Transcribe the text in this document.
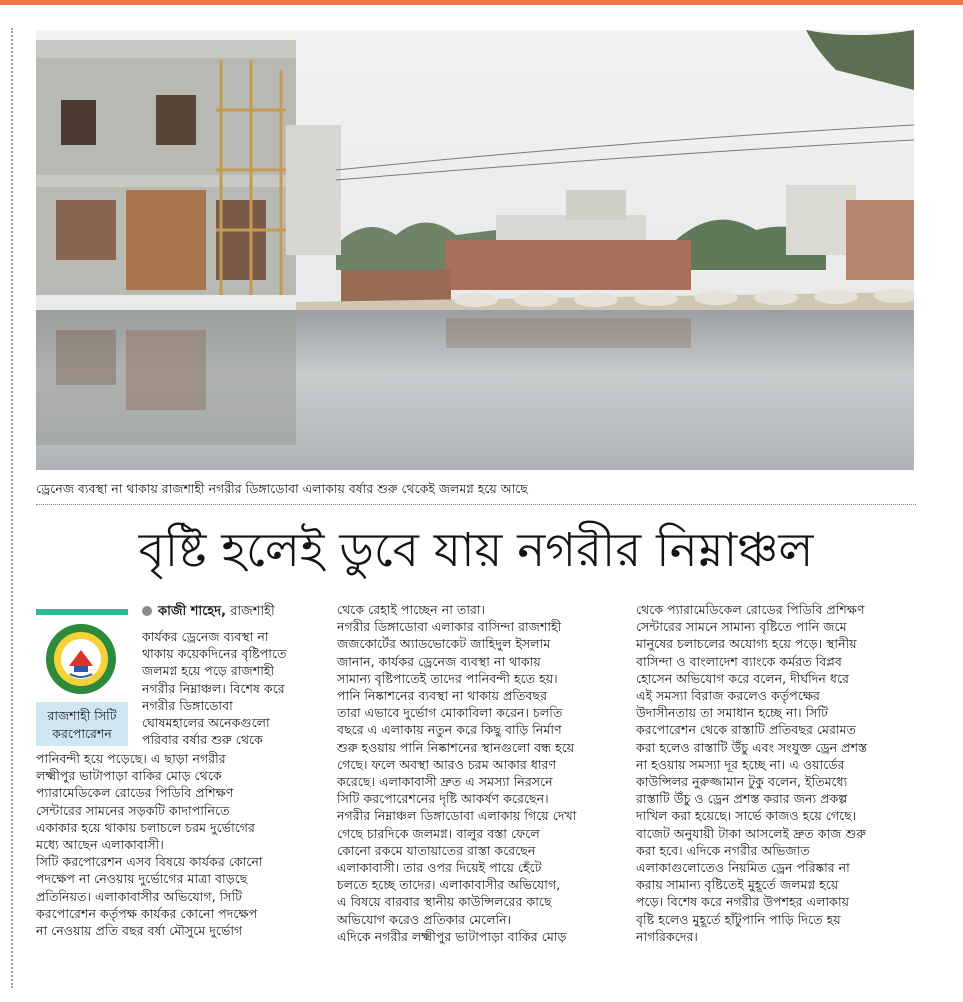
ড্রেনেজ ব্যবস্থা না থাকায় রাজশাহী নগরীর ডিঙ্গাডোবা এলাকায় বর্ষার শুরু থেকেই জলমগ্ন হয়ে আছে
বৃষ্টি হলেই ডুবে যায় নগরীর নিম্নাঞ্চল
রাজশাহী সিটি
করপোরেশন
কাজী শাহেদ, রাজশাহী

কার্যকর ড্রেনেজ ব্যবস্থা না

থাকায় কয়েকদিনের বৃষ্টিপাতে

জলমগ্ন হয়ে পড়ে রাজশাহী

নগরীর নিম্নাঞ্চল। বিশেষ করে

নগরীর ডিঙ্গাডোবা

ঘোষমহালের অনেকগুলো

পরিবার বর্ষার শুরু থেকে

পানিবন্দী হয়ে পড়েছে। এ ছাড়া নগরীর

লক্ষ্মীপুর ভাটাপাড়া বাকির মোড় থেকে

প্যারামেডিকেল রোডের পিডিবি প্রশিক্ষণ

সেন্টারের সামনের সড়কটি কাদাপানিতে

একাকার হয়ে থাকায় চলাচলে চরম দুর্ভোগের

মধ্যে আছেন এলাকাবাসী।

সিটি করপোরেশন এসব বিষয়ে কার্যকর কোনো

পদক্ষেপ না নেওয়ায় দুর্ভোগের মাত্রা বাড়ছে

প্রতিনিয়ত। এলাকাবাসীর অভিযোগ, সিটি

করপোরেশন কর্তৃপক্ষ কার্যকর কোনো পদক্ষেপ

না নেওয়ায় প্রতি বছর বর্ষা মৌসুমে দুর্ভোগ

থেকে রেহাই পাচ্ছেন না তারা।

নগরীর ডিঙ্গাডোবা এলাকার বাসিন্দা রাজশাহী

জজকোর্টের অ্যাডভোকেট জাহিদুল ইসলাম

জানান, কার্যকর ড্রেনেজ ব্যবস্থা না থাকায়

সামান্য বৃষ্টিপাতেই তাদের পানিবন্দী হতে হয়।

পানি নিষ্কাশনের ব্যবস্থা না থাকায় প্রতিবছর

তারা এভাবে দুর্ভোগ মোকাবিলা করেন। চলতি

বছরে এ এলাকায় নতুন করে কিছু বাড়ি নির্মাণ

শুরু হওয়ায় পানি নিষ্কাশনের স্থানগুলো বন্ধ হয়ে

গেছে। ফলে অবস্থা আরও চরম আকার ধারণ

করেছে। এলাকাবাসী দ্রুত এ সমস্যা নিরসনে

সিটি করপোরেশনের দৃষ্টি আকর্ষণ করেছেন।

নগরীর নিম্নাঞ্চল ডিঙ্গাডোবা এলাকায় গিয়ে দেখা

গেছে চারদিকে জলমগ্ন। বালুর বস্তা ফেলে

কোনো রকমে যাতায়াতের রাস্তা করেছেন

এলাকাবাসী। তার ওপর দিয়েই পায়ে হেঁটে

চলতে হচ্ছে তাদের। এলাকাবাসীর অভিযোগ,

এ বিষয়ে বারবার স্থানীয় কাউন্সিলরের কাছে

অভিযোগ করেও প্রতিকার মেলেনি।

এদিকে নগরীর লক্ষ্মীপুর ভাটাপাড়া বাকির মোড়

থেকে প্যারামেডিকেল রোডের পিডিবি প্রশিক্ষণ

সেন্টারের সামনে সামান্য বৃষ্টিতে পানি জমে

মানুষের চলাচলের অযোগ্য হয়ে পড়ে। স্থানীয়

বাসিন্দা ও বাংলাদেশ ব্যাংকে কর্মরত বিপ্লব

হোসেন অভিযোগ করে বলেন, দীর্ঘদিন ধরে

এই সমস্যা বিরাজ করলেও কর্তৃপক্ষের

উদাসীনতায় তা সমাধান হচ্ছে না। সিটি

করপোরেশন থেকে রাস্তাটি প্রতিবছর মেরামত

করা হলেও রাস্তাটি উঁচু এবং সংযুক্ত ড্রেন প্রশস্ত

না হওয়ায় সমস্যা দূর হচ্ছে না। এ ওয়ার্ডের

কাউন্সিলর নুরুজ্জামান টুকু বলেন, ইতিমধ্যে

রাস্তাটি উঁচু ও ড্রেন প্রশস্ত করার জন্য প্রকল্প

দাখিল করা হয়েছে। সার্ভে কাজও হয়ে গেছে।

বাজেট অনুযায়ী টাকা আসলেই দ্রুত কাজ শুরু

করা হবে। এদিকে নগরীর অভিজাত

এলাকাগুলোতেও নিয়মিত ড্রেন পরিষ্কার না

করায় সামান্য বৃষ্টিতেই মুহূর্তে জলমগ্ন হয়ে

পড়ে। বিশেষ করে নগরীর উপশহর এলাকায়

বৃষ্টি হলেও মুহূর্তে হাঁটুপানি পাড়ি দিতে হয়

নাগরিকদের।
